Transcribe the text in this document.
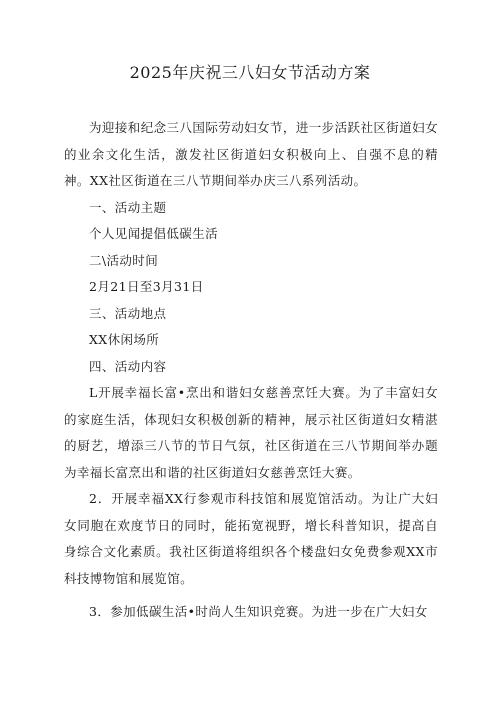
2025年庆祝三八妇女节活动方案

为迎接和纪念三八国际劳动妇女节，进一步活跃社区街道妇女的业余文化生活，激发社区街道妇女积极向上、自强不息的精神。XX社区街道在三八节期间举办庆三八系列活动。

一、活动主题

个人见闻提倡低碳生活

二\活动时间

2月21日至3月31日

三、活动地点

XX休闲场所

四、活动内容

L开展幸福长富•烹出和谐妇女慈善烹饪大赛。为了丰富妇女的家庭生活，体现妇女积极创新的精神，展示社区街道妇女精湛的厨艺，增添三八节的节日气氛，社区街道在三八节期间举办题为幸福长富烹出和谐的社区街道妇女慈善烹饪大赛。

2．开展幸福XX行参观市科技馆和展览馆活动。为让广大妇女同胞在欢度节日的同时，能拓宽视野，增长科普知识，提高自身综合文化素质。我社区街道将组织各个楼盘妇女免费参观XX市科技博物馆和展览馆。

3．参加低碳生活•时尚人生知识竞赛。为进一步在广大妇女
